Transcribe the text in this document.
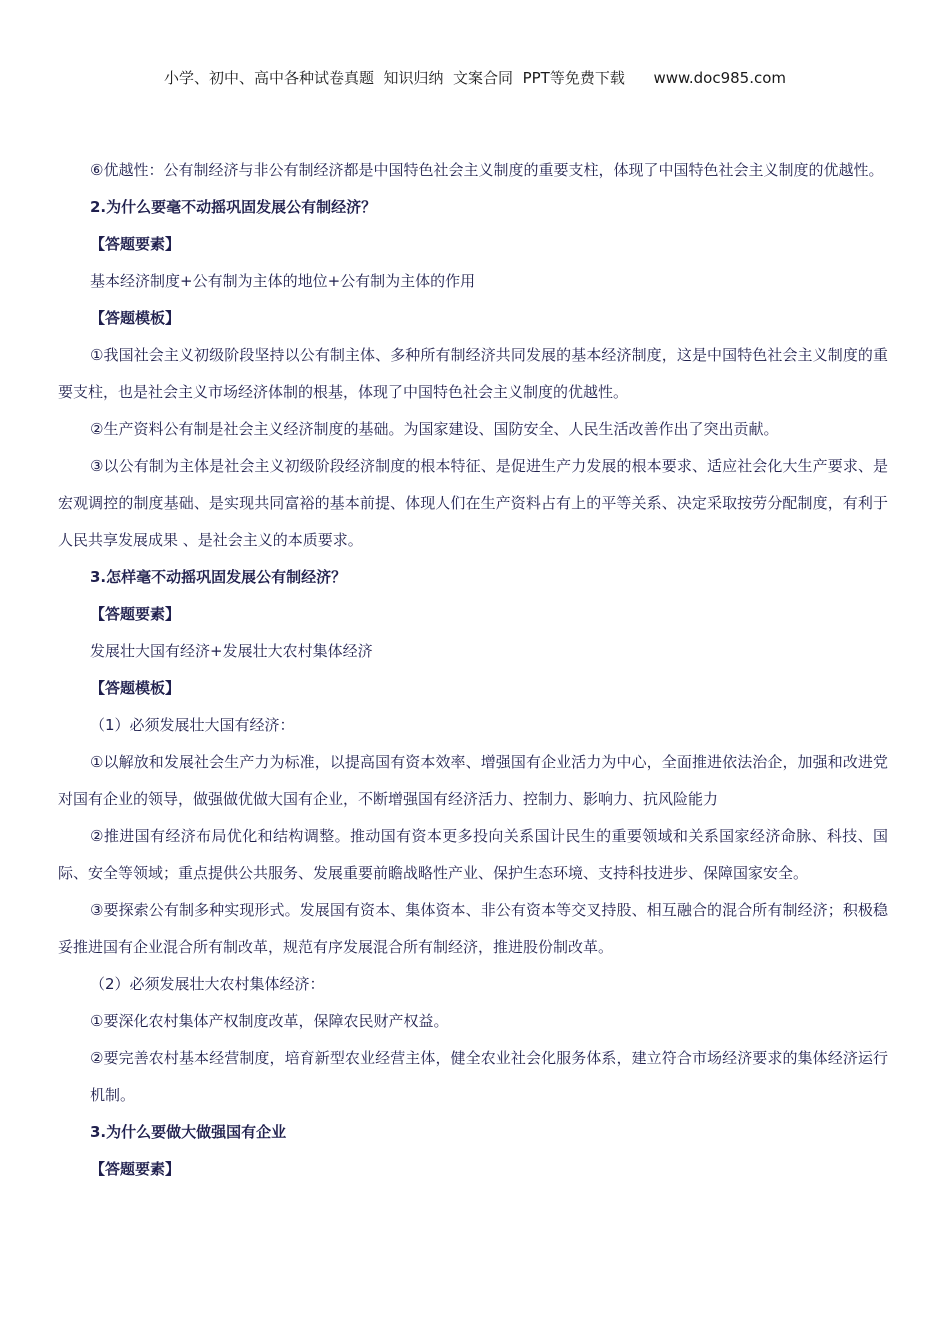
小学、初中、高中各种试卷真题  知识归纳  文案合同  PPT等免费下载      www.doc985.com

⑥优越性：公有制经济与非公有制经济都是中国特色社会主义制度的重要支柱，体现了中国特色社会主义制度的优越性。

2.为什么要毫不动摇巩固发展公有制经济？
【答题要素】
基本经济制度+公有制为主体的地位+公有制为主体的作用
【答题模板】

①我国社会主义初级阶段坚持以公有制主体、多种所有制经济共同发展的基本经济制度，这是中国特色社会主义制度的重要支柱，也是社会主义市场经济体制的根基，体现了中国特色社会主义制度的优越性。

②生产资料公有制是社会主义经济制度的基础。为国家建设、国防安全、人民生活改善作出了突出贡献。

③以公有制为主体是社会主义初级阶段经济制度的根本特征、是促进生产力发展的根本要求、适应社会化大生产要求、是宏观调控的制度基础、是实现共同富裕的基本前提、体现人们在生产资料占有上的平等关系、决定采取按劳分配制度，有利于人民共享发展成果 、是社会主义的本质要求。

3.怎样毫不动摇巩固发展公有制经济？
【答题要素】
发展壮大国有经济+发展壮大农村集体经济
【答题模板】
（1）必须发展壮大国有经济：

①以解放和发展社会生产力为标准，以提高国有资本效率、增强国有企业活力为中心，全面推进依法治企，加强和改进党对国有企业的领导，做强做优做大国有企业，不断增强国有经济活力、控制力、影响力、抗风险能力

②推进国有经济布局优化和结构调整。推动国有资本更多投向关系国计民生的重要领域和关系国家经济命脉、科技、国际、安全等领域；重点提供公共服务、发展重要前瞻战略性产业、保护生态环境、支持科技进步、保障国家安全。

③要探索公有制多种实现形式。发展国有资本、集体资本、非公有资本等交叉持股、相互融合的混合所有制经济；积极稳妥推进国有企业混合所有制改革，规范有序发展混合所有制经济，推进股份制改革。

（2）必须发展壮大农村集体经济：
①要深化农村集体产权制度改革，保障农民财产权益。

②要完善农村基本经营制度，培育新型农业经营主体，健全农业社会化服务体系，建立符合市场经济要求的集体经济运行机制。

3.为什么要做大做强国有企业
【答题要素】
